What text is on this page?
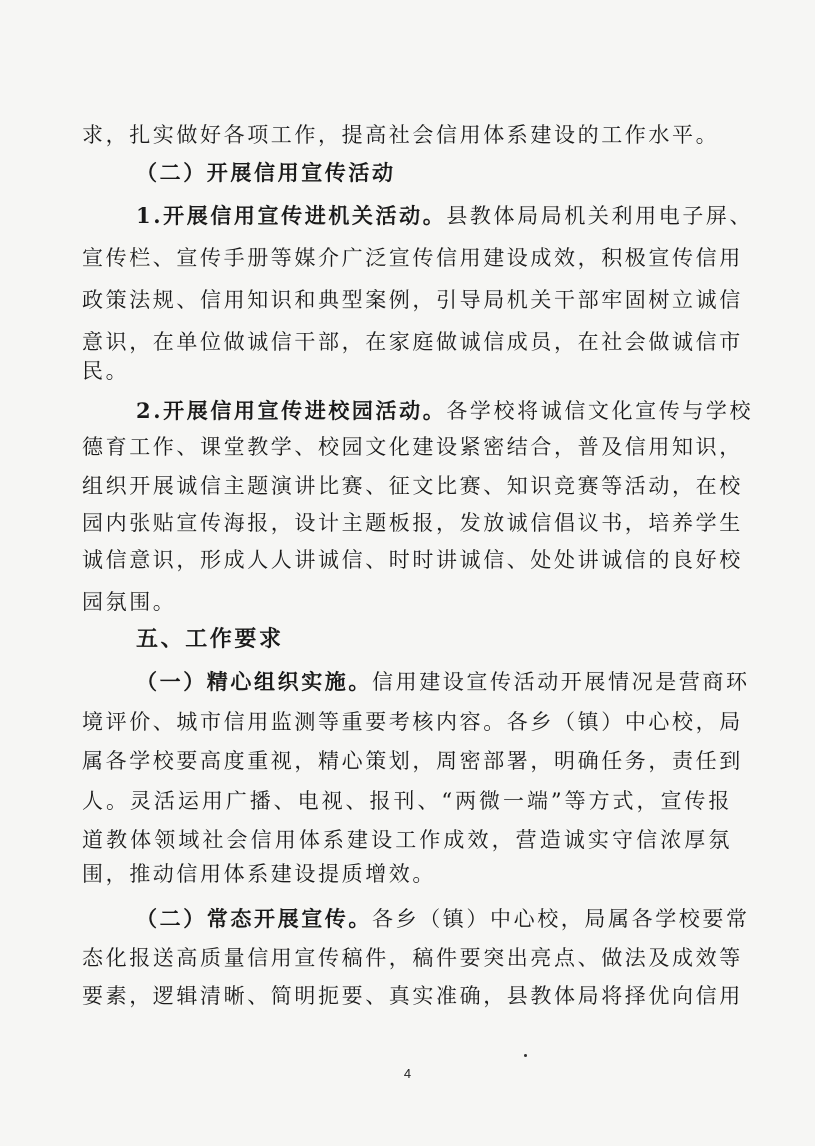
求，扎实做好各项工作，提高社会信用体系建设的工作水平。
（二）开展信用宣传活动
1.开展信用宣传进机关活动。县教体局局机关利用电子屏、
宣传栏、宣传手册等媒介广泛宣传信用建设成效，积极宣传信用
政策法规、信用知识和典型案例，引导局机关干部牢固树立诚信
意识，在单位做诚信干部，在家庭做诚信成员，在社会做诚信市
民。
2.开展信用宣传进校园活动。各学校将诚信文化宣传与学校
德育工作、课堂教学、校园文化建设紧密结合，普及信用知识，
组织开展诚信主题演讲比赛、征文比赛、知识竞赛等活动，在校
园内张贴宣传海报，设计主题板报，发放诚信倡议书，培养学生
诚信意识，形成人人讲诚信、时时讲诚信、处处讲诚信的良好校
园氛围。
五、工作要求
（一）精心组织实施。信用建设宣传活动开展情况是营商环
境评价、城市信用监测等重要考核内容。各乡（镇）中心校，局
属各学校要高度重视，精心策划，周密部署，明确任务，责任到
人。灵活运用广播、电视、报刊、“两微一端”等方式，宣传报
道教体领域社会信用体系建设工作成效，营造诚实守信浓厚氛
围，推动信用体系建设提质增效。
（二）常态开展宣传。各乡（镇）中心校，局属各学校要常
态化报送高质量信用宣传稿件，稿件要突出亮点、做法及成效等
要素，逻辑清晰、简明扼要、真实准确，县教体局将择优向信用
4
